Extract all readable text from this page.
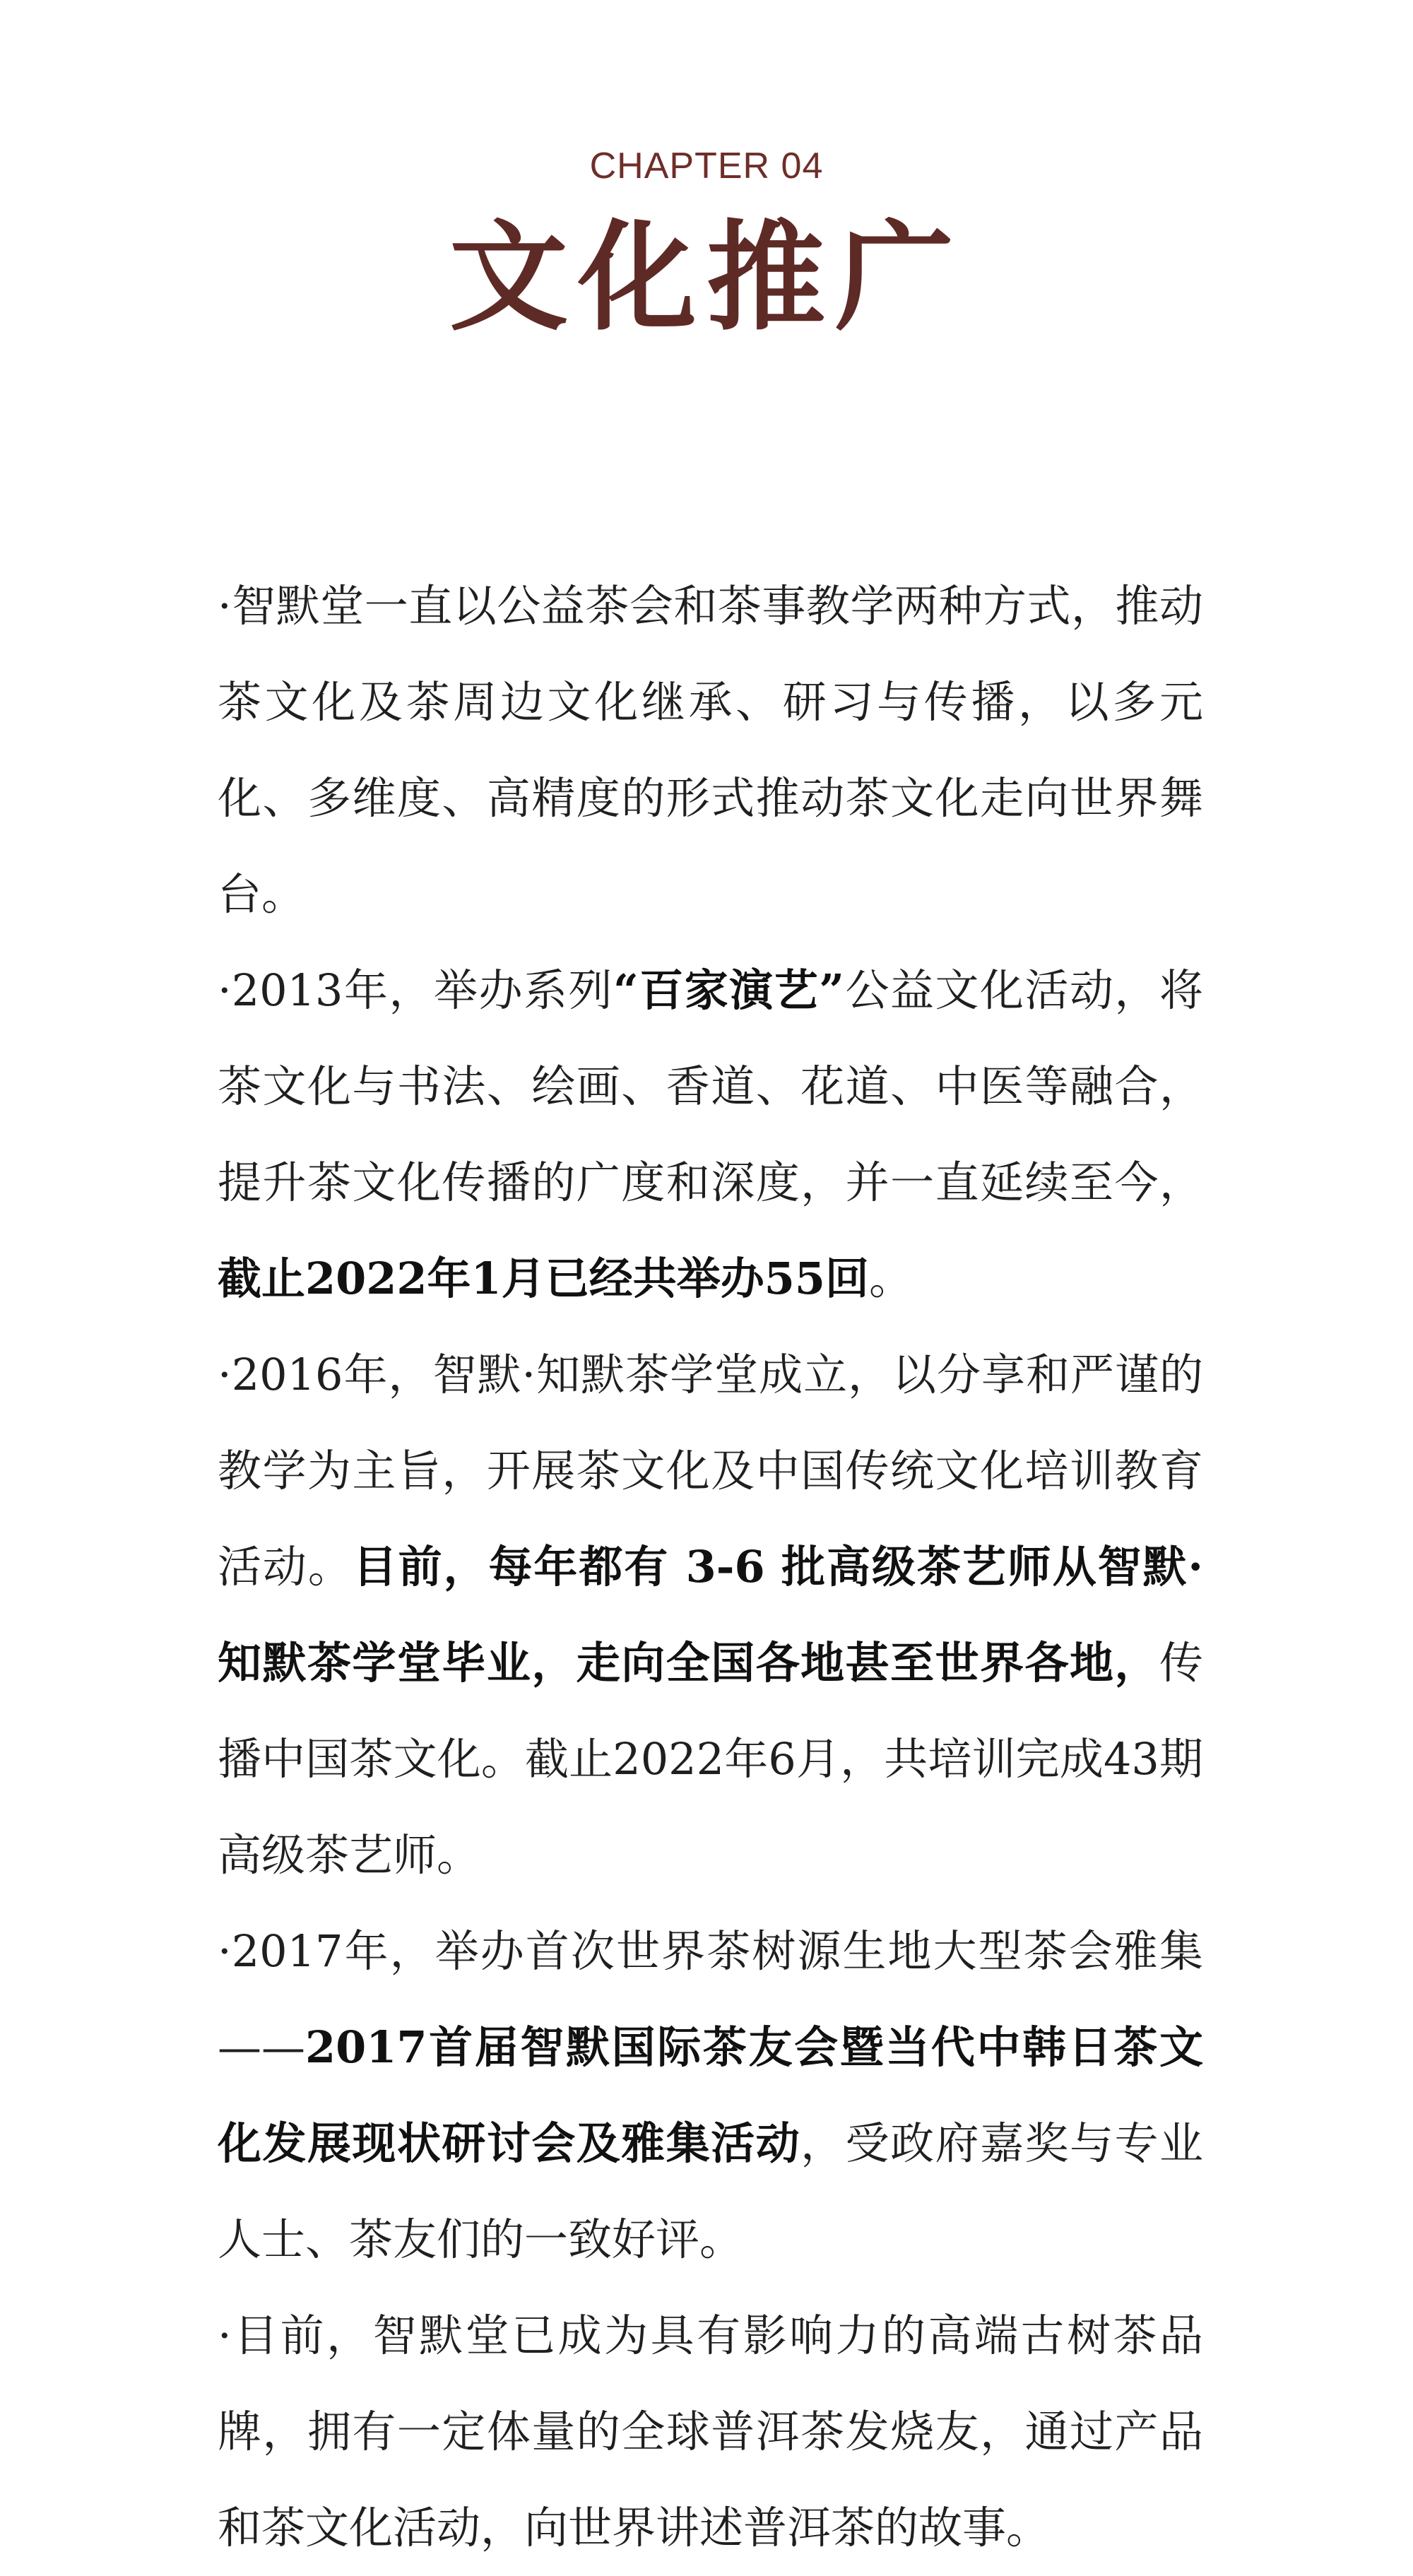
CHAPTER 04
文化推广

·智默堂一直以公益茶会和茶事教学两种方式，推动茶文化及茶周边文化继承、研习与传播，以多元化、多维度、高精度的形式推动茶文化走向世界舞台。

·2013年，举办系列“百家演艺”公益文化活动，将茶文化与书法、绘画、香道、花道、中医等融合，提升茶文化传播的广度和深度，并一直延续至今，截止2022年1月已经共举办55回。

·2016年，智默·知默茶学堂成立，以分享和严谨的教学为主旨，开展茶文化及中国传统文化培训教育活动。目前，每年都有 3-6 批高级茶艺师从智默·知默茶学堂毕业，走向全国各地甚至世界各地，传播中国茶文化。截止2022年6月，共培训完成43期高级茶艺师。

·2017年，举办首次世界茶树源生地大型茶会雅集——2017首届智默国际茶友会暨当代中韩日茶文化发展现状研讨会及雅集活动，受政府嘉奖与专业人士、茶友们的一致好评。

·目前，智默堂已成为具有影响力的高端古树茶品牌，拥有一定体量的全球普洱茶发烧友，通过产品和茶文化活动，向世界讲述普洱茶的故事。
